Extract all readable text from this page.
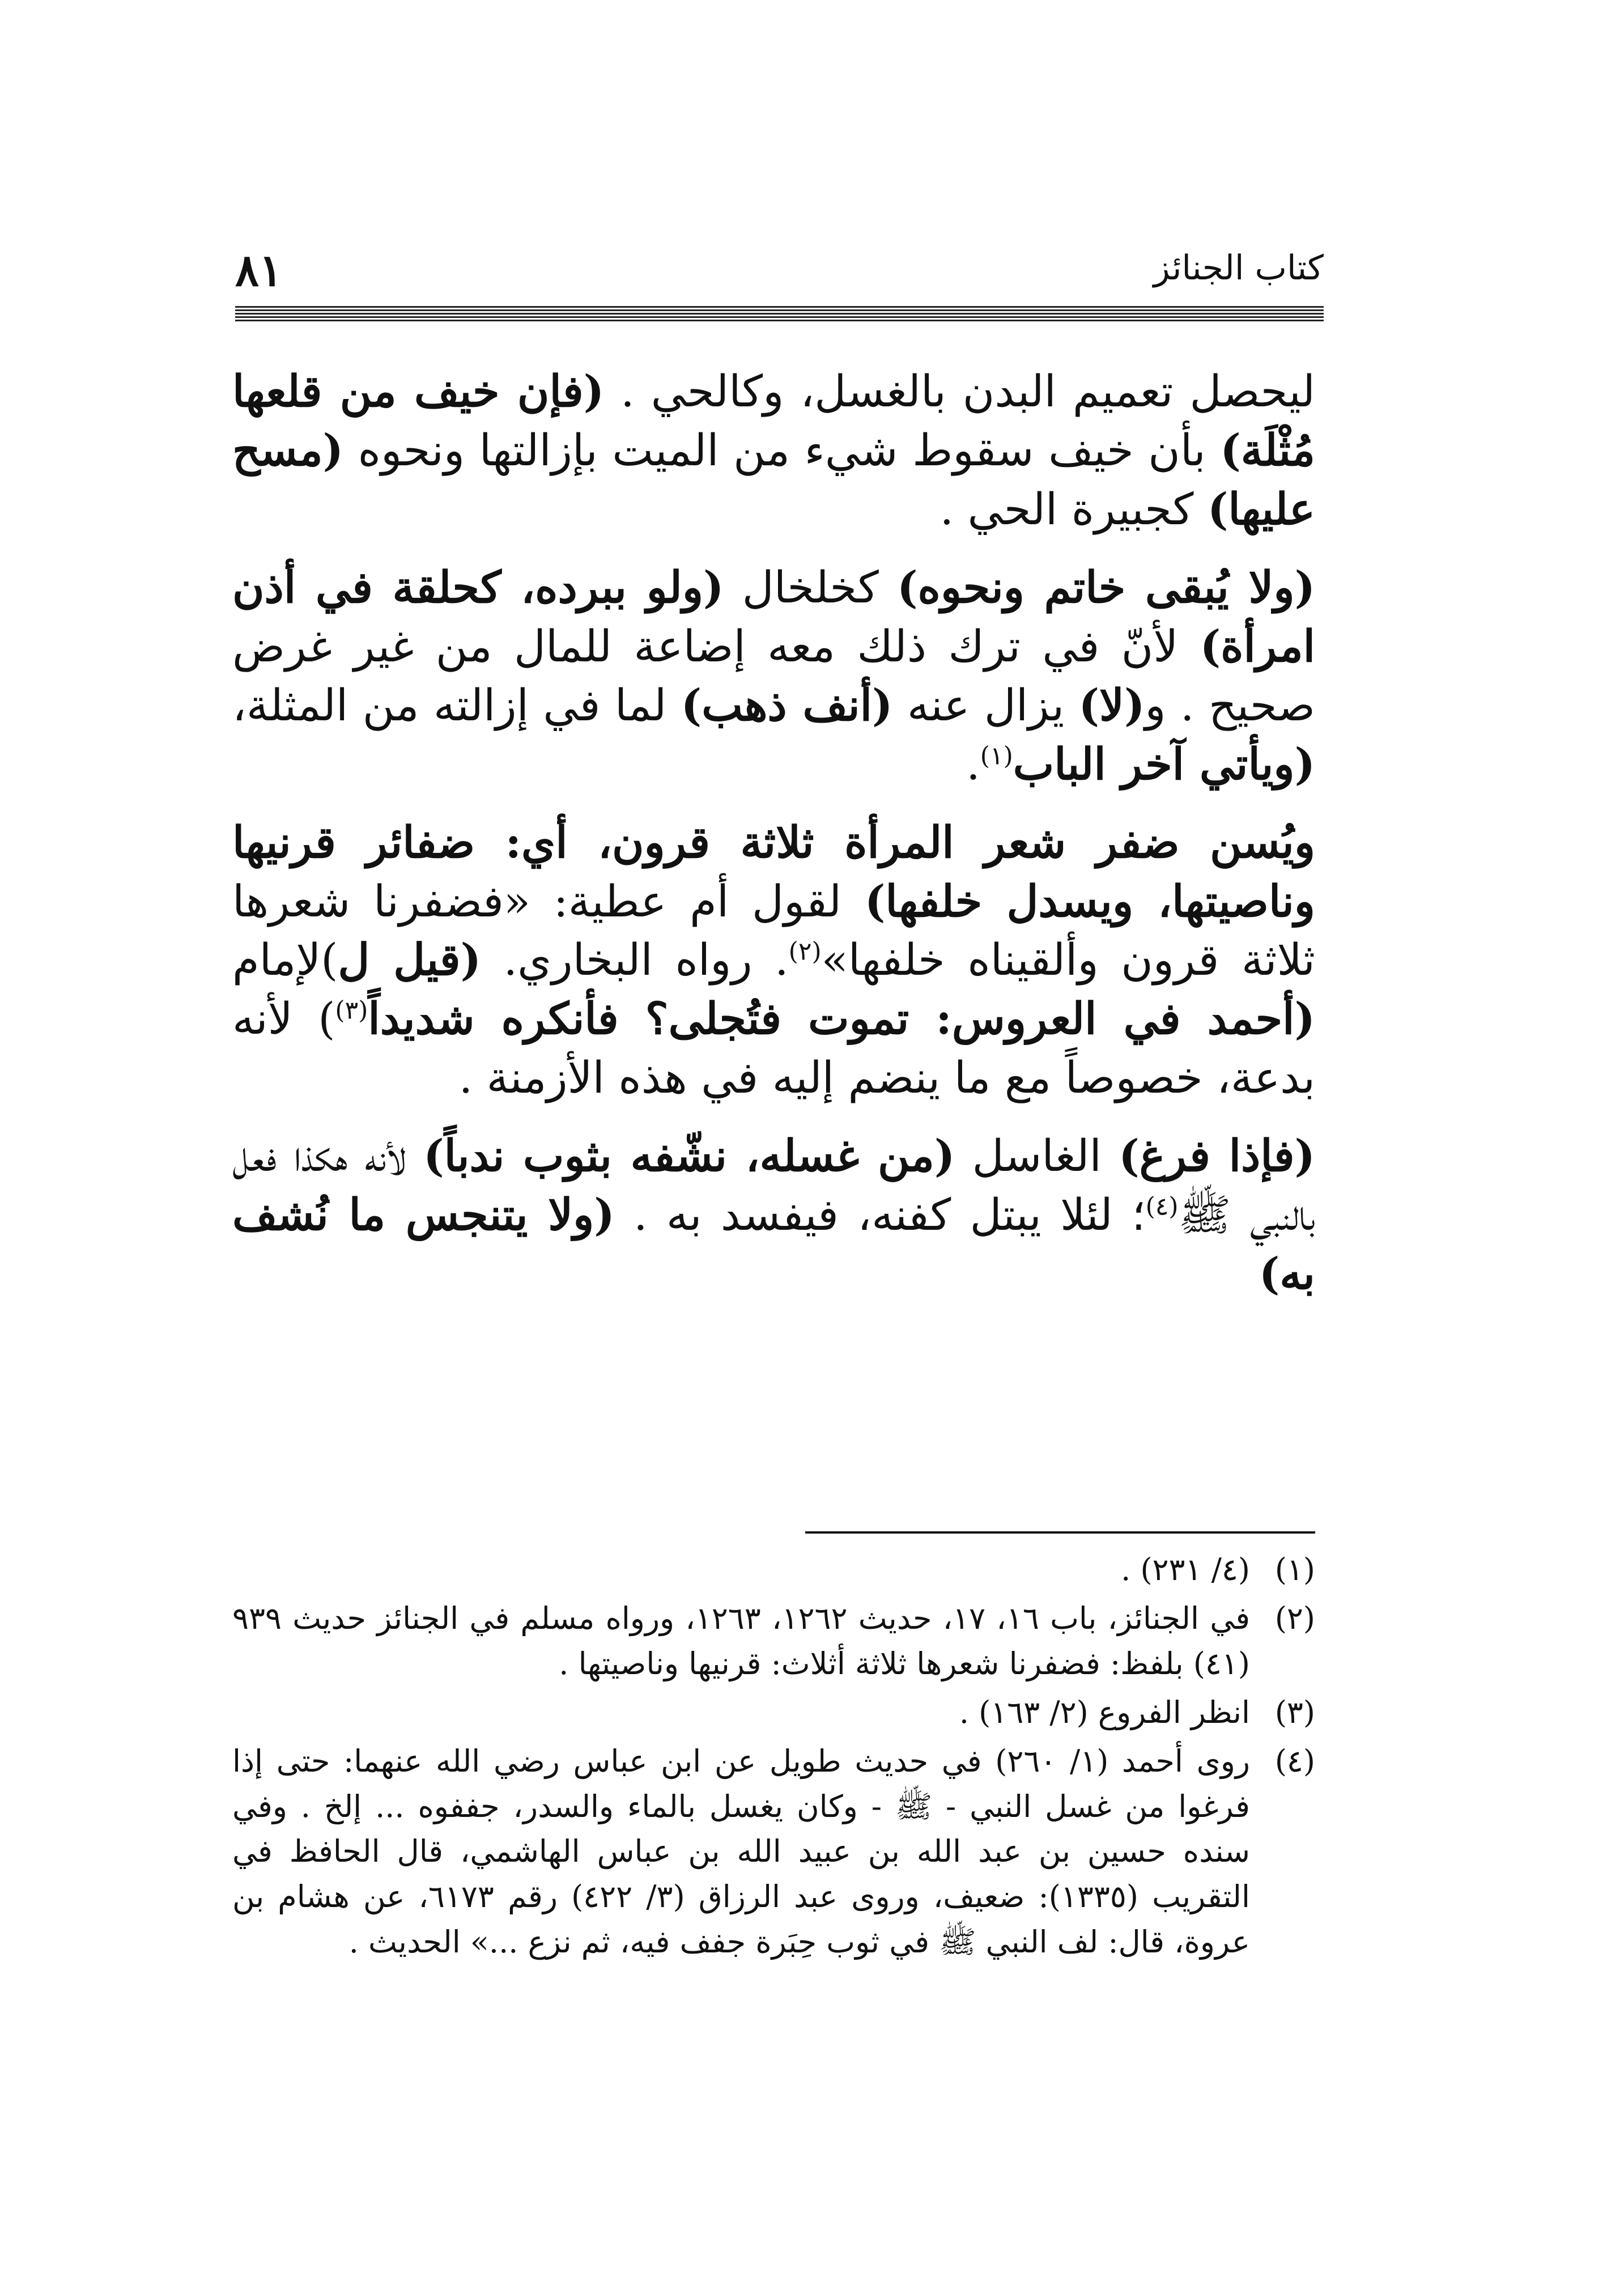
٨١	كتاب الجنائز

ليحصل تعميم البدن بالغسل، وكالحي . (فإن خيف من قلعها مُثْلَة) بأن خيف سقوط شيء من الميت بإزالتها ونحوه (مسح عليها) كجبيرة الحي .

(ولا يُبقى خاتم ونحوه) كخلخال (ولو ببرده، كحلقة في أذن امرأة) لأنّ في ترك ذلك معه إضاعة للمال من غير غرض صحيح . و(لا) يزال عنه (أنف ذهب) لما في إزالته من المثلة، (ويأتي آخر الباب$^{(١)}$.

ويُسن ضفر شعر المرأة ثلاثة قرون، أي: ضفائر قرنيها وناصيتها، ويسدل خلفها) لقول أم عطية: «فضفرنا شعرها ثلاثة قرون وألقيناه خلفها»$^{(٢)}$. رواه البخاري. (قيل ل)لإمام (أحمد في العروس: تموت فتُجلى؟ فأنكره شديداً$^{(٣)}$) لأنه بدعة، خصوصاً مع ما ينضم إليه في هذه الأزمنة .

(فإذا فرغ) الغاسل (من غسله، نشّفه بثوب ندباً) لأنه هكذا فعل بالنبي ﷺ$^{(٤)}$؛ لئلا يبتل كفنه، فيفسد به . (ولا يتنجس ما نُشف به)

(١)
(٤/ ٢٣١) .
(٢)
في الجنائز، باب ١٦، ١٧، حديث ١٢٦٢، ١٢٦٣، ورواه مسلم في الجنائز حديث ٩٣٩ (٤١) بلفظ: فضفرنا شعرها ثلاثة أثلاث: قرنيها وناصيتها .
(٣)
انظر الفروع (٢/ ١٦٣) .
(٤)
روى أحمد (١/ ٢٦٠) في حديث طويل عن ابن عباس رضي الله عنهما: حتى إذا فرغوا من غسل النبي - ﷺ - وكان يغسل بالماء والسدر، جففوه ... إلخ . وفي سنده حسين بن عبد الله بن عبيد الله بن عباس الهاشمي، قال الحافظ في التقريب (١٣٣٥): ضعيف، وروى عبد الرزاق (٣/ ٤٢٢) رقم ٦١٧٣، عن هشام بن عروة، قال: لف النبي ﷺ في ثوب حِبَرة جفف فيه، ثم نزع ...» الحديث .
